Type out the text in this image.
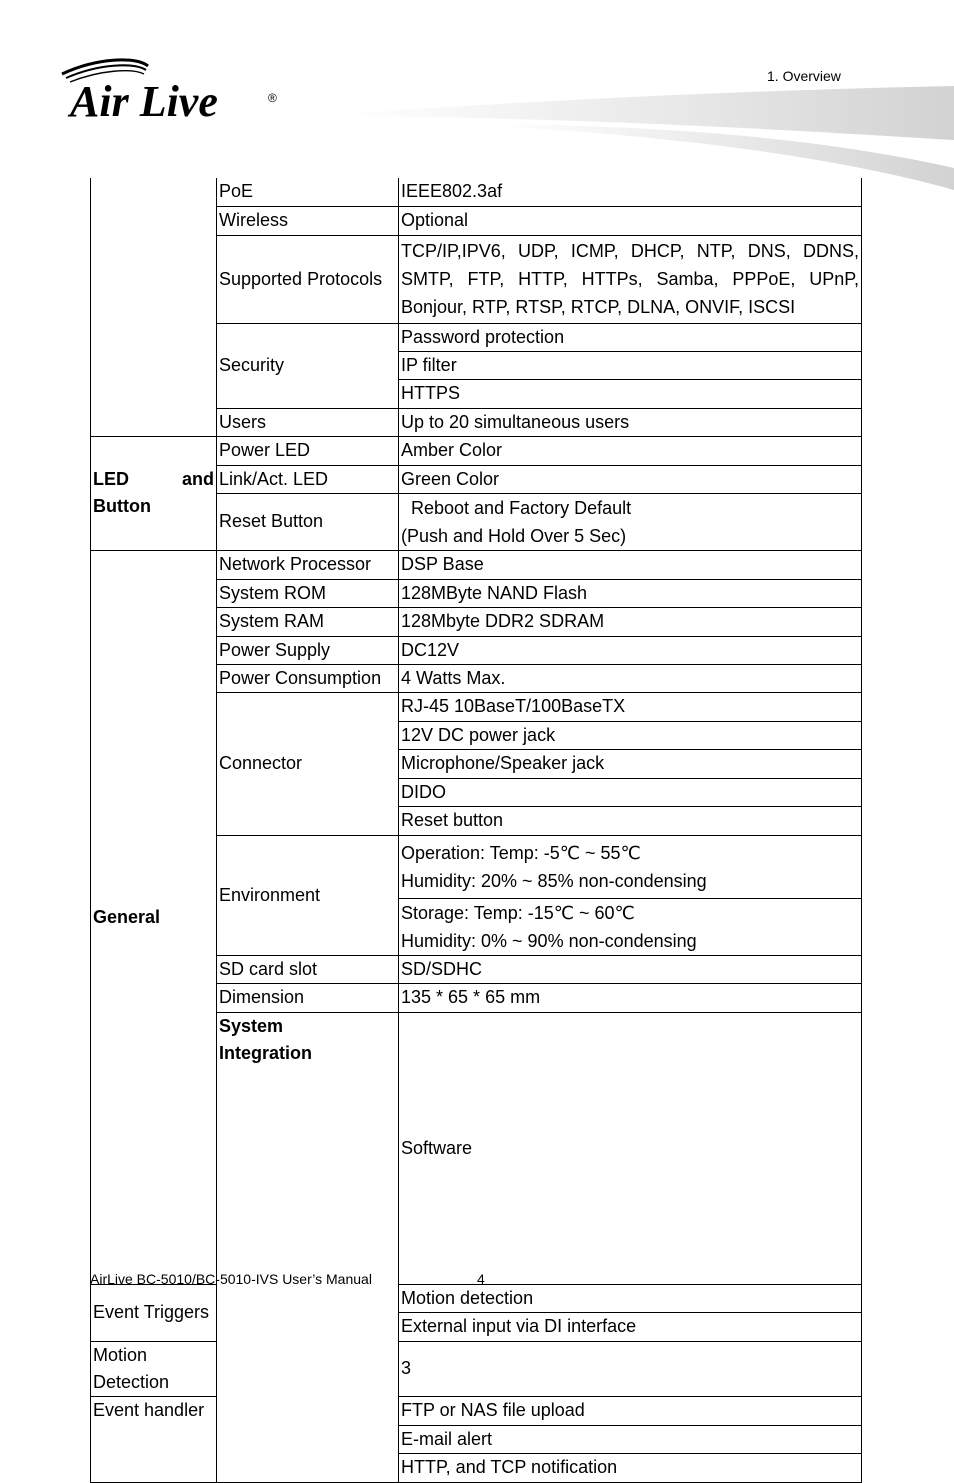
Air Live	®
1. Overview
	PoE	IEEE802.3af	
	Wireless	Optional	
	Supported Protocols	TCP/IP,IPV6, UDP, ICMP, DHCP, NTP, DNS, DDNS, SMTP, FTP, HTTP, HTTPs, Samba, PPPoE, UPnP, Bonjour, RTP, RTSP, RTCP, DLNA, ONVIF, ISCSI	
	Security	Password protection	
		IP filter	
		HTTPS	
	Users	Up to 20 simultaneous users	

LED and
Button	Power LED	Amber Color	
	Link/Act. LED	Green Color	
	Reset Button	Reboot and Factory Default
(Push and Hold Over 5 Sec)	

General	Network Processor	DSP Base	
	System ROM	128MByte NAND Flash	
	System RAM	128Mbyte DDR2 SDRAM	
	Power Supply	DC12V	
	Power Consumption	4 Watts Max.	
	Connector	RJ-45 10BaseT/100BaseTX	
		12V DC power jack	
		Microphone/Speaker jack	
		DIDO	
		Reset button	
	Environment	Operation: Temp: -5℃ ~ 55℃
Humidity: 20% ~ 85% non-condensing	

		Storage: Temp: -15℃ ~ 60℃
Humidity: 0% ~ 90% non-condensing	

	SD card slot	SD/SDHC	
	Dimension	135 * 65 * 65 mm	

	System
Integration	Software	

Event Triggers		Motion detection	
		External input via DI interface	
Motion Detection		3	
Event handler		FTP or NAS file upload	
		E-mail alert	
		HTTP, and TCP notification	
AirLive BC-5010/BC-5010-IVS User’s Manual	4
